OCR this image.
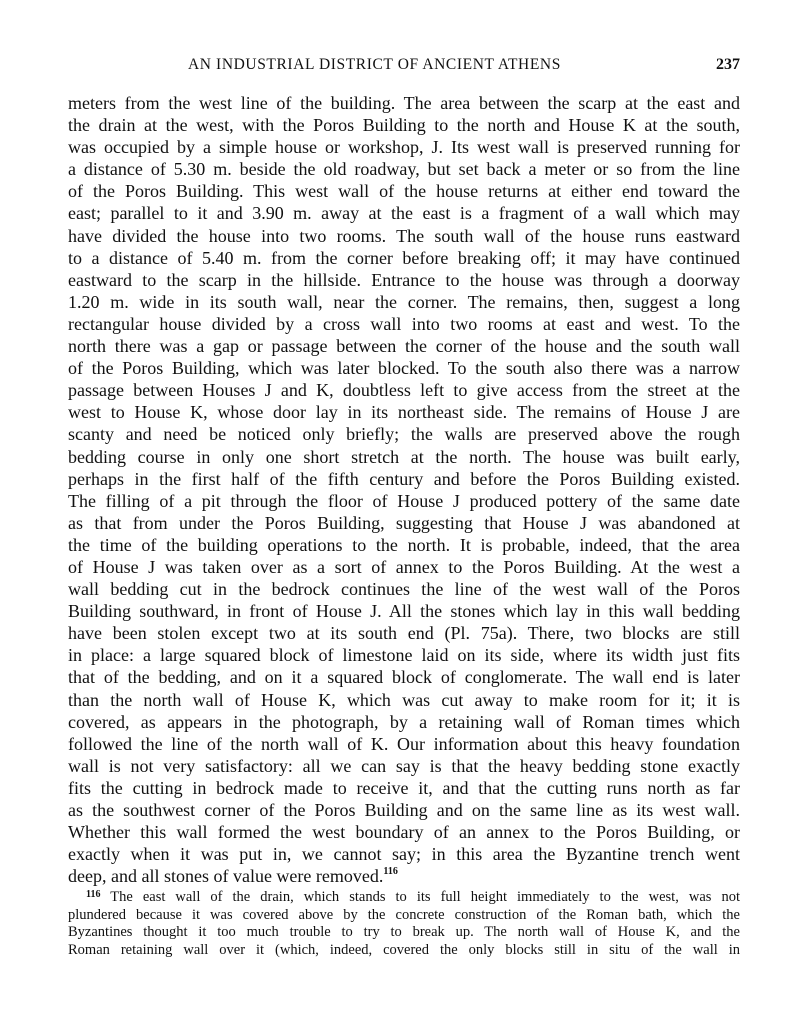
AN INDUSTRIAL DISTRICT OF ANCIENT ATHENS	237
meters from the west line of the building. The area between the scarp at the east and
the drain at the west, with the Poros Building to the north and House K at the south,
was occupied by a simple house or workshop, J. Its west wall is preserved running for
a distance of 5.30 m. beside the old roadway, but set back a meter or so from the line
of the Poros Building. This west wall of the house returns at either end toward the
east; parallel to it and 3.90 m. away at the east is a fragment of a wall which may
have divided the house into two rooms. The south wall of the house runs eastward
to a distance of 5.40 m. from the corner before breaking off; it may have continued
eastward to the scarp in the hillside. Entrance to the house was through a doorway
1.20 m. wide in its south wall, near the corner. The remains, then, suggest a long
rectangular house divided by a cross wall into two rooms at east and west. To the
north there was a gap or passage between the corner of the house and the south wall
of the Poros Building, which was later blocked. To the south also there was a narrow
passage between Houses J and K, doubtless left to give access from the street at the
west to House K, whose door lay in its northeast side. The remains of House J are
scanty and need be noticed only briefly; the walls are preserved above the rough
bedding course in only one short stretch at the north. The house was built early,
perhaps in the first half of the fifth century and before the Poros Building existed.
The filling of a pit through the floor of House J produced pottery of the same date
as that from under the Poros Building, suggesting that House J was abandoned at
the time of the building operations to the north. It is probable, indeed, that the area
of House J was taken over as a sort of annex to the Poros Building. At the west a
wall bedding cut in the bedrock continues the line of the west wall of the Poros
Building southward, in front of House J. All the stones which lay in this wall bedding
have been stolen except two at its south end (Pl. 75a). There, two blocks are still
in place: a large squared block of limestone laid on its side, where its width just fits
that of the bedding, and on it a squared block of conglomerate. The wall end is later
than the north wall of House K, which was cut away to make room for it; it is
covered, as appears in the photograph, by a retaining wall of Roman times which
followed the line of the north wall of K. Our information about this heavy foundation
wall is not very satisfactory: all we can say is that the heavy bedding stone exactly
fits the cutting in bedrock made to receive it, and that the cutting runs north as far
as the southwest corner of the Poros Building and on the same line as its west wall.
Whether this wall formed the west boundary of an annex to the Poros Building, or
exactly when it was put in, we cannot say; in this area the Byzantine trench went
deep, and all stones of value were removed.$^{116}$
$^{116}$ The east wall of the drain, which stands to its full height immediately to the west, was not
plundered because it was covered above by the concrete construction of the Roman bath, which the
Byzantines thought it too much trouble to try to break up. The north wall of House K, and the
Roman retaining wall over it (which, indeed, covered the only blocks still in situ of the wall in
